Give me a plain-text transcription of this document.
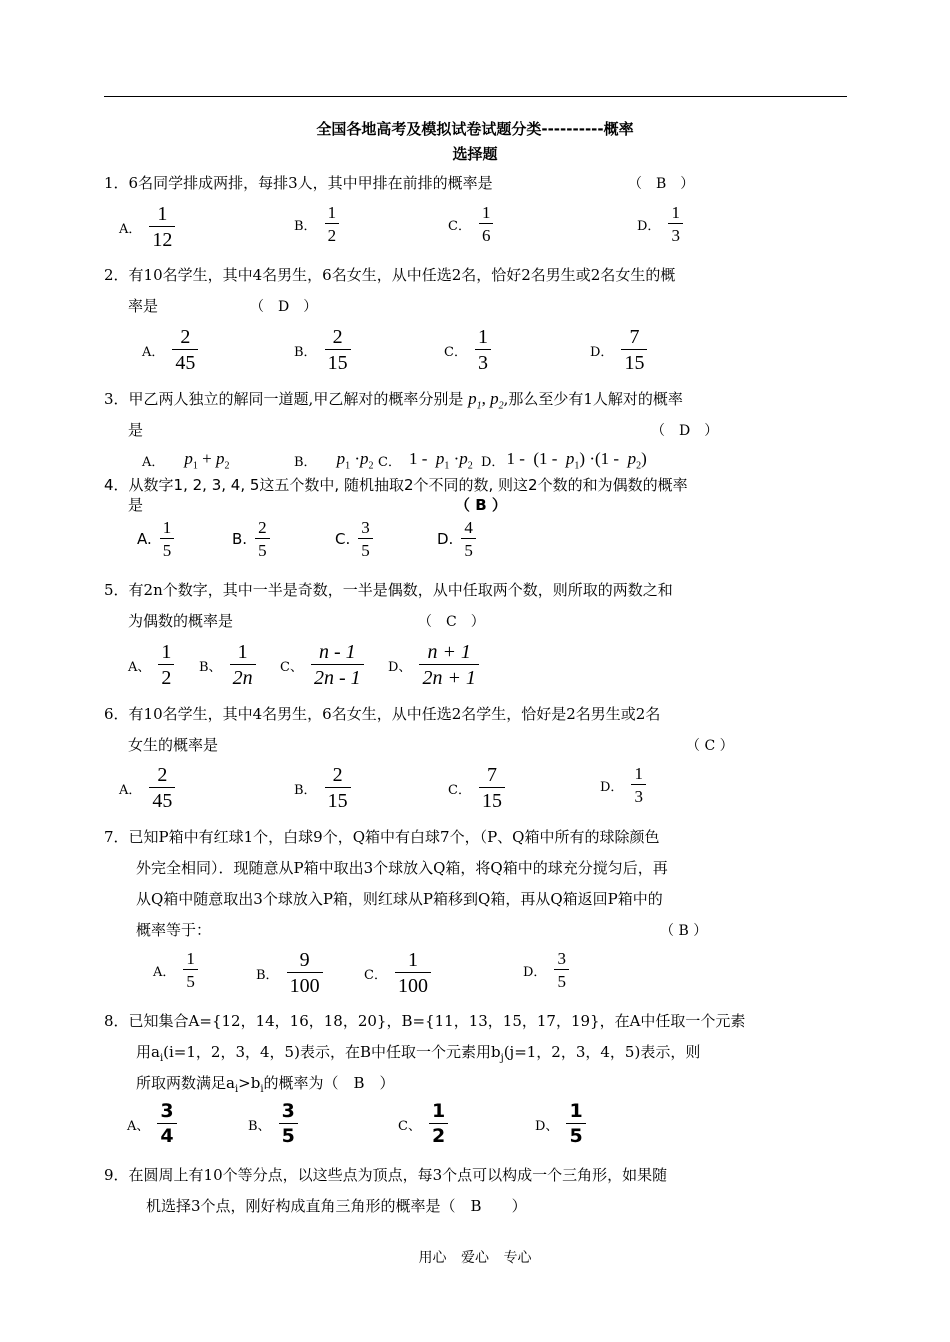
全国各地高考及模拟试卷试题分类----------概率
选择题
1．6名同学排成两排，每排3人，其中甲排在前排的概率是	（　B　）
A． $\frac{1}{12}$	B． $\frac{1}{2}$	C． $\frac{1}{6}$	D． $\frac{1}{3}$
2．有10名学生，其中4名男生，6名女生，从中任选2名，恰好2名男生或2名女生的概
率是	（　D　）
A． $\frac{2}{45}$	B． $\frac{2}{15}$	C． $\frac{1}{3}$	D． $\frac{7}{15}$
3．甲乙两人独立的解同一道题,甲乙解对的概率分别是 $p_1$, $p_2$,那么至少有1人解对的概率
是	（　D　）
A． $p_1 + p_2$	B． $p_1 \cdot p_2$ C． $1 - p_1 \cdot p_2$ D． $1 - (1 - p_1) \cdot(1 - p_2)$
4．从数字1, 2, 3, 4, 5这五个数中, 随机抽取2个不同的数, 则这2个数的和为偶数的概率
是	（ B ）
A. $\frac{1}{5}$	B. $\frac{2}{5}$	C. $\frac{3}{5}$	D. $\frac{4}{5}$
5．有2n个数字，其中一半是奇数，一半是偶数，从中任取两个数，则所取的两数之和
为偶数的概率是	（　C　）
A、 $\frac{1}{2}$ B、 $\frac{1}{2n}$ C、 $\frac{n - 1}{2n - 1}$ D、 $\frac{n + 1}{2n + 1}$
6．有10名学生，其中4名男生，6名女生，从中任选2名学生，恰好是2名男生或2名
女生的概率是	（ C ）
A． $\frac{2}{45}$	B． $\frac{2}{15}$	C． $\frac{7}{15}$	D． $\frac{1}{3}$
7．已知P箱中有红球1个，白球9个，Q箱中有白球7个，（P、Q箱中所有的球除颜色
外完全相同）．现随意从P箱中取出3个球放入Q箱，将Q箱中的球充分搅匀后，再
从Q箱中随意取出3个球放入P箱，则红球从P箱移到Q箱，再从Q箱返回P箱中的
概率等于：	（ B ）
A． $\frac{1}{5}$	B． $\frac{9}{100}$	C． $\frac{1}{100}$	D． $\frac{3}{5}$
8．已知集合A={12，14，16，18，20}，B={11，13，15，17，19}，在A中任取一个元素
用$a_i(i=1$，2，3，4，5)表示，在B中任取一个元素用$b_j(j=1$，2，3，4，5)表示，则
所取两数满足$a_i>b_i$的概率为（　B　）
A、 $\frac{3}{4}$	B、 $\frac{3}{5}$	C、 $\frac{1}{2}$	D、 $\frac{1}{5}$
9．在圆周上有10个等分点，以这些点为顶点，每3个点可以构成一个三角形，如果随
机选择3个点，刚好构成直角三角形的概率是（　B　　）
用心 爱心 专心
